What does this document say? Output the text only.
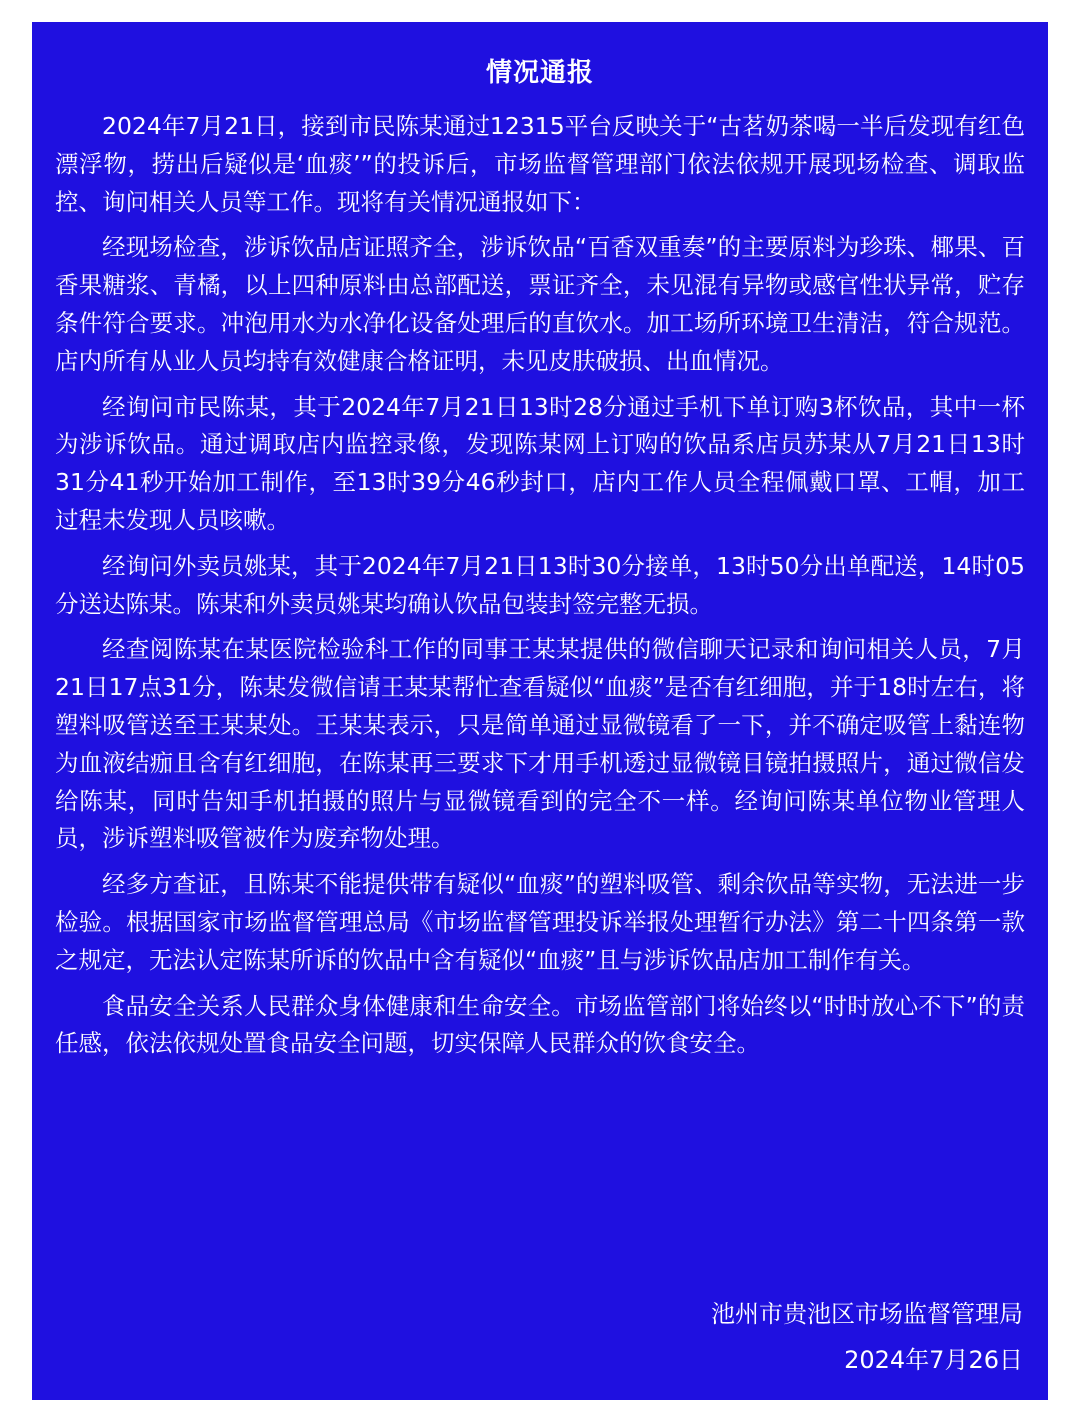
情况通报

2024年7月21日，接到市民陈某通过12315平台反映关于“古茗奶茶喝一半后发现有红色漂浮物，捞出后疑似是‘血痰’”的投诉后，市场监督管理部门依法依规开展现场检查、调取监控、询问相关人员等工作。现将有关情况通报如下：

经现场检查，涉诉饮品店证照齐全，涉诉饮品“百香双重奏”的主要原料为珍珠、椰果、百香果糖浆、青橘，以上四种原料由总部配送，票证齐全，未见混有异物或感官性状异常，贮存条件符合要求。冲泡用水为水净化设备处理后的直饮水。加工场所环境卫生清洁，符合规范。店内所有从业人员均持有效健康合格证明，未见皮肤破损、出血情况。

经询问市民陈某，其于2024年7月21日13时28分通过手机下单订购3杯饮品，其中一杯为涉诉饮品。通过调取店内监控录像，发现陈某网上订购的饮品系店员苏某从7月21日13时31分41秒开始加工制作，至13时39分46秒封口，店内工作人员全程佩戴口罩、工帽，加工过程未发现人员咳嗽。

经询问外卖员姚某，其于2024年7月21日13时30分接单，13时50分出单配送，14时05分送达陈某。陈某和外卖员姚某均确认饮品包装封签完整无损。

经查阅陈某在某医院检验科工作的同事王某某提供的微信聊天记录和询问相关人员，7月21日17点31分，陈某发微信请王某某帮忙查看疑似“血痰”是否有红细胞，并于18时左右，将塑料吸管送至王某某处。王某某表示，只是简单通过显微镜看了一下，并不确定吸管上黏连物为血液结痂且含有红细胞，在陈某再三要求下才用手机透过显微镜目镜拍摄照片，通过微信发给陈某，同时告知手机拍摄的照片与显微镜看到的完全不一样。经询问陈某单位物业管理人员，涉诉塑料吸管被作为废弃物处理。

经多方查证，且陈某不能提供带有疑似“血痰”的塑料吸管、剩余饮品等实物，无法进一步检验。根据国家市场监督管理总局《市场监督管理投诉举报处理暂行办法》第二十四条第一款之规定，无法认定陈某所诉的饮品中含有疑似“血痰”且与涉诉饮品店加工制作有关。

食品安全关系人民群众身体健康和生命安全。市场监管部门将始终以“时时放心不下”的责任感，依法依规处置食品安全问题，切实保障人民群众的饮食安全。

池州市贵池区市场监督管理局
2024年7月26日
